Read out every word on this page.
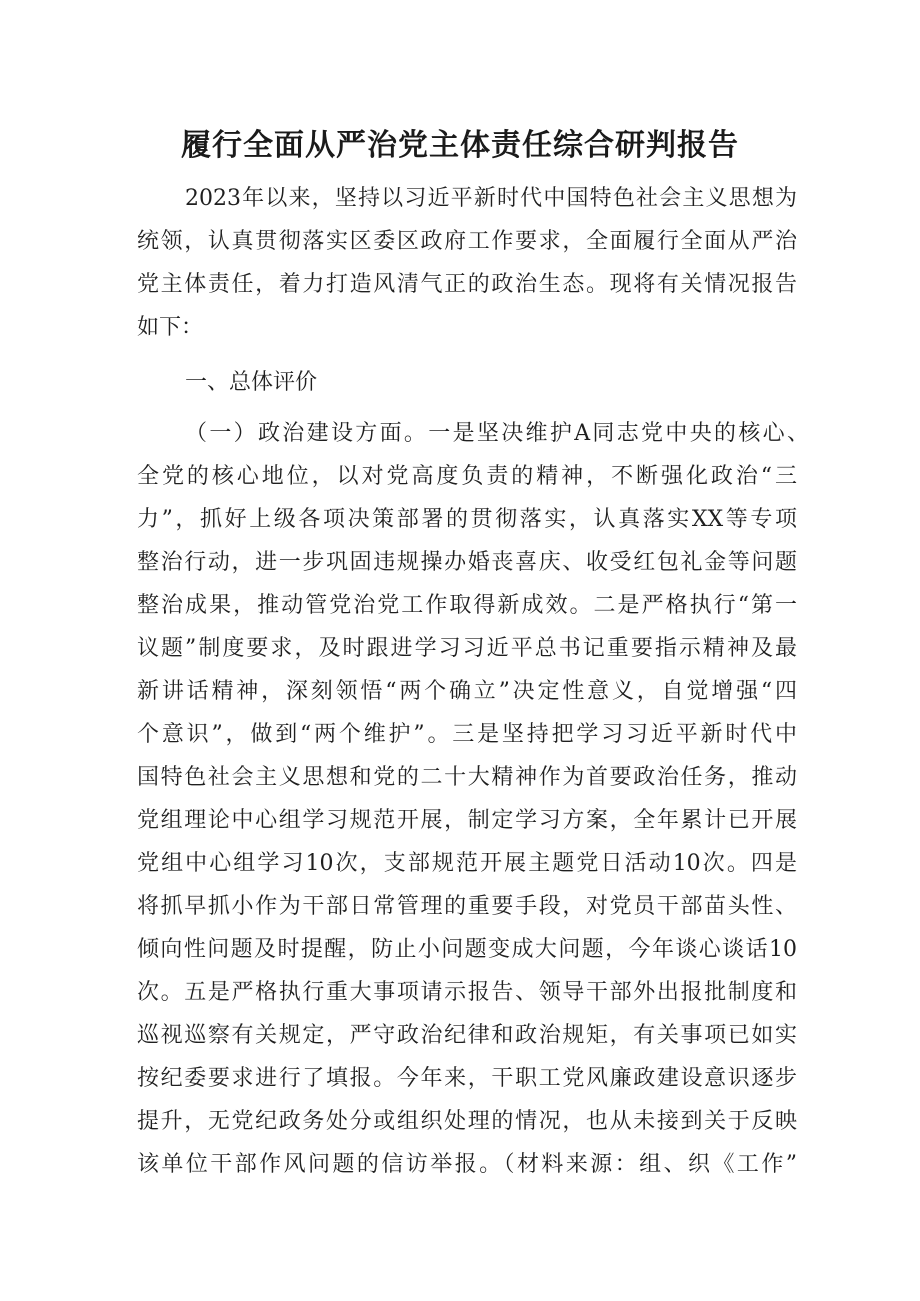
履行全面从严治党主体责任综合研判报告
2023年以来，坚持以习近平新时代中国特色社会主义思想为
统领，认真贯彻落实区委区政府工作要求，全面履行全面从严治
党主体责任，着力打造风清气正的政治生态。现将有关情况报告
如下：
一、总体评价
（一）政治建设方面。一是坚决维护A同志党中央的核心、
全党的核心地位，以对党高度负责的精神，不断强化政治“三
力”，抓好上级各项决策部署的贯彻落实，认真落实XX等专项
整治行动，进一步巩固违规操办婚丧喜庆、收受红包礼金等问题
整治成果，推动管党治党工作取得新成效。二是严格执行“第一
议题”制度要求，及时跟进学习习近平总书记重要指示精神及最
新讲话精神，深刻领悟“两个确立”决定性意义，自觉增强“四
个意识”，做到“两个维护”。三是坚持把学习习近平新时代中
国特色社会主义思想和党的二十大精神作为首要政治任务，推动
党组理论中心组学习规范开展，制定学习方案，全年累计已开展
党组中心组学习10次，支部规范开展主题党日活动10次。四是
将抓早抓小作为干部日常管理的重要手段，对党员干部苗头性、
倾向性问题及时提醒，防止小问题变成大问题，今年谈心谈话10
次。五是严格执行重大事项请示报告、领导干部外出报批制度和
巡视巡察有关规定，严守政治纪律和政治规矩，有关事项已如实
按纪委要求进行了填报。今年来，干职工党风廉政建设意识逐步
提升，无党纪政务处分或组织处理的情况，也从未接到关于反映
该单位干部作风问题的信访举报。（材料来源：组、织《工作”
